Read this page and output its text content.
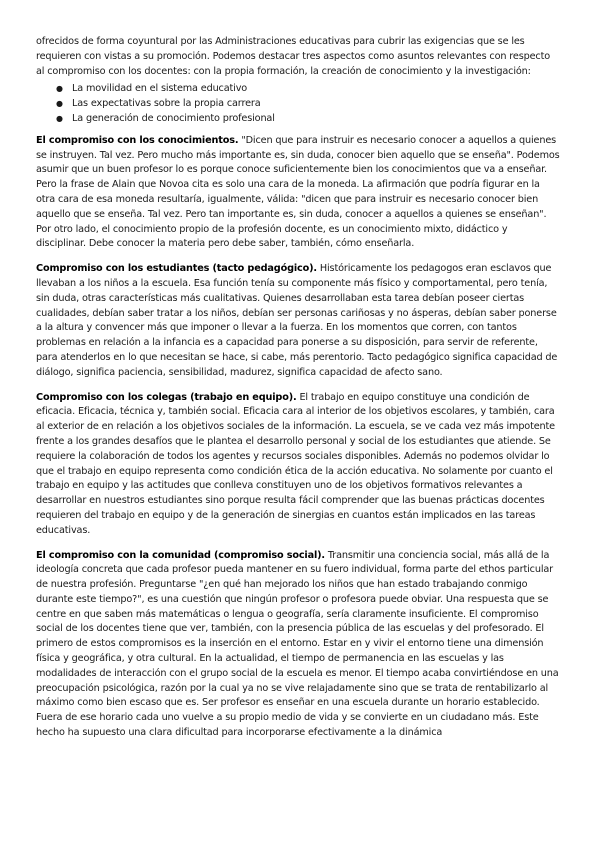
ofrecidos de forma coyuntural por las Administraciones educativas para cubrir las exigencias que se les requieren con vistas a su promoción. Podemos destacar tres aspectos como asuntos relevantes con respecto al compromiso con los docentes: con la propia formación, la creación de conocimiento y la investigación:

● La movilidad en el sistema educativo
● Las expectativas sobre la propia carrera
● La generación de conocimiento profesional

El compromiso con los conocimientos. "Dicen que para instruir es necesario conocer a aquellos a quienes se instruyen. Tal vez. Pero mucho más importante es, sin duda, conocer bien aquello que se enseña". Podemos asumir que un buen profesor lo es porque conoce suficientemente bien los conocimientos que va a enseñar. Pero la frase de Alain que Novoa cita es solo una cara de la moneda. La afirmación que podría figurar en la otra cara de esa moneda resultaría, igualmente, válida: "dicen que para instruir es necesario conocer bien aquello que se enseña. Tal vez. Pero tan importante es, sin duda, conocer a aquellos a quienes se enseñan". Por otro lado, el conocimiento propio de la profesión docente, es un conocimiento mixto, didáctico y disciplinar. Debe conocer la materia pero debe saber, también, cómo enseñarla.

Compromiso con los estudiantes (tacto pedagógico). Históricamente los pedagogos eran esclavos que llevaban a los niños a la escuela. Esa función tenía su componente más físico y comportamental, pero tenía, sin duda, otras características más cualitativas. Quienes desarrollaban esta tarea debían poseer ciertas cualidades, debían saber tratar a los niños, debían ser personas cariñosas y no ásperas, debían saber ponerse a la altura y convencer más que imponer o llevar a la fuerza. En los momentos que corren, con tantos problemas en relación a la infancia es a capacidad para ponerse a su disposición, para servir de referente, para atenderlos en lo que necesitan se hace, si cabe, más perentorio. Tacto pedagógico significa capacidad de diálogo, significa paciencia, sensibilidad, madurez, significa capacidad de afecto sano.

Compromiso con los colegas (trabajo en equipo). El trabajo en equipo constituye una condición de eficacia. Eficacia, técnica y, también social. Eficacia cara al interior de los objetivos escolares, y también, cara al exterior de en relación a los objetivos sociales de la información. La escuela, se ve cada vez más impotente frente a los grandes desafíos que le plantea el desarrollo personal y social de los estudiantes que atiende. Se requiere la colaboración de todos los agentes y recursos sociales disponibles. Además no podemos olvidar lo que el trabajo en equipo representa como condición ética de la acción educativa. No solamente por cuanto el trabajo en equipo y las actitudes que conlleva constituyen uno de los objetivos formativos relevantes a desarrollar en nuestros estudiantes sino porque resulta fácil comprender que las buenas prácticas docentes requieren del trabajo en equipo y de la generación de sinergias en cuantos están implicados en las tareas educativas.

El compromiso con la comunidad (compromiso social). Transmitir una conciencia social, más allá de la ideología concreta que cada profesor pueda mantener en su fuero individual, forma parte del ethos particular de nuestra profesión. Preguntarse "¿en qué han mejorado los niños que han estado trabajando conmigo durante este tiempo?", es una cuestión que ningún profesor o profesora puede obviar. Una respuesta que se centre en que saben más matemáticas o lengua o geografía, sería claramente insuficiente. El compromiso social de los docentes tiene que ver, también, con la presencia pública de las escuelas y del profesorado. El primero de estos compromisos es la inserción en el entorno. Estar en y vivir el entorno tiene una dimensión física y geográfica, y otra cultural. En la actualidad, el tiempo de permanencia en las escuelas y las modalidades de interacción con el grupo social de la escuela es menor. El tiempo acaba convirtiéndose en una preocupación psicológica, razón por la cual ya no se vive relajadamente sino que se trata de rentabilizarlo al máximo como bien escaso que es. Ser profesor es enseñar en una escuela durante un horario establecido. Fuera de ese horario cada uno vuelve a su propio medio de vida y se convierte en un ciudadano más. Este hecho ha supuesto una clara dificultad para incorporarse efectivamente a la dinámica
